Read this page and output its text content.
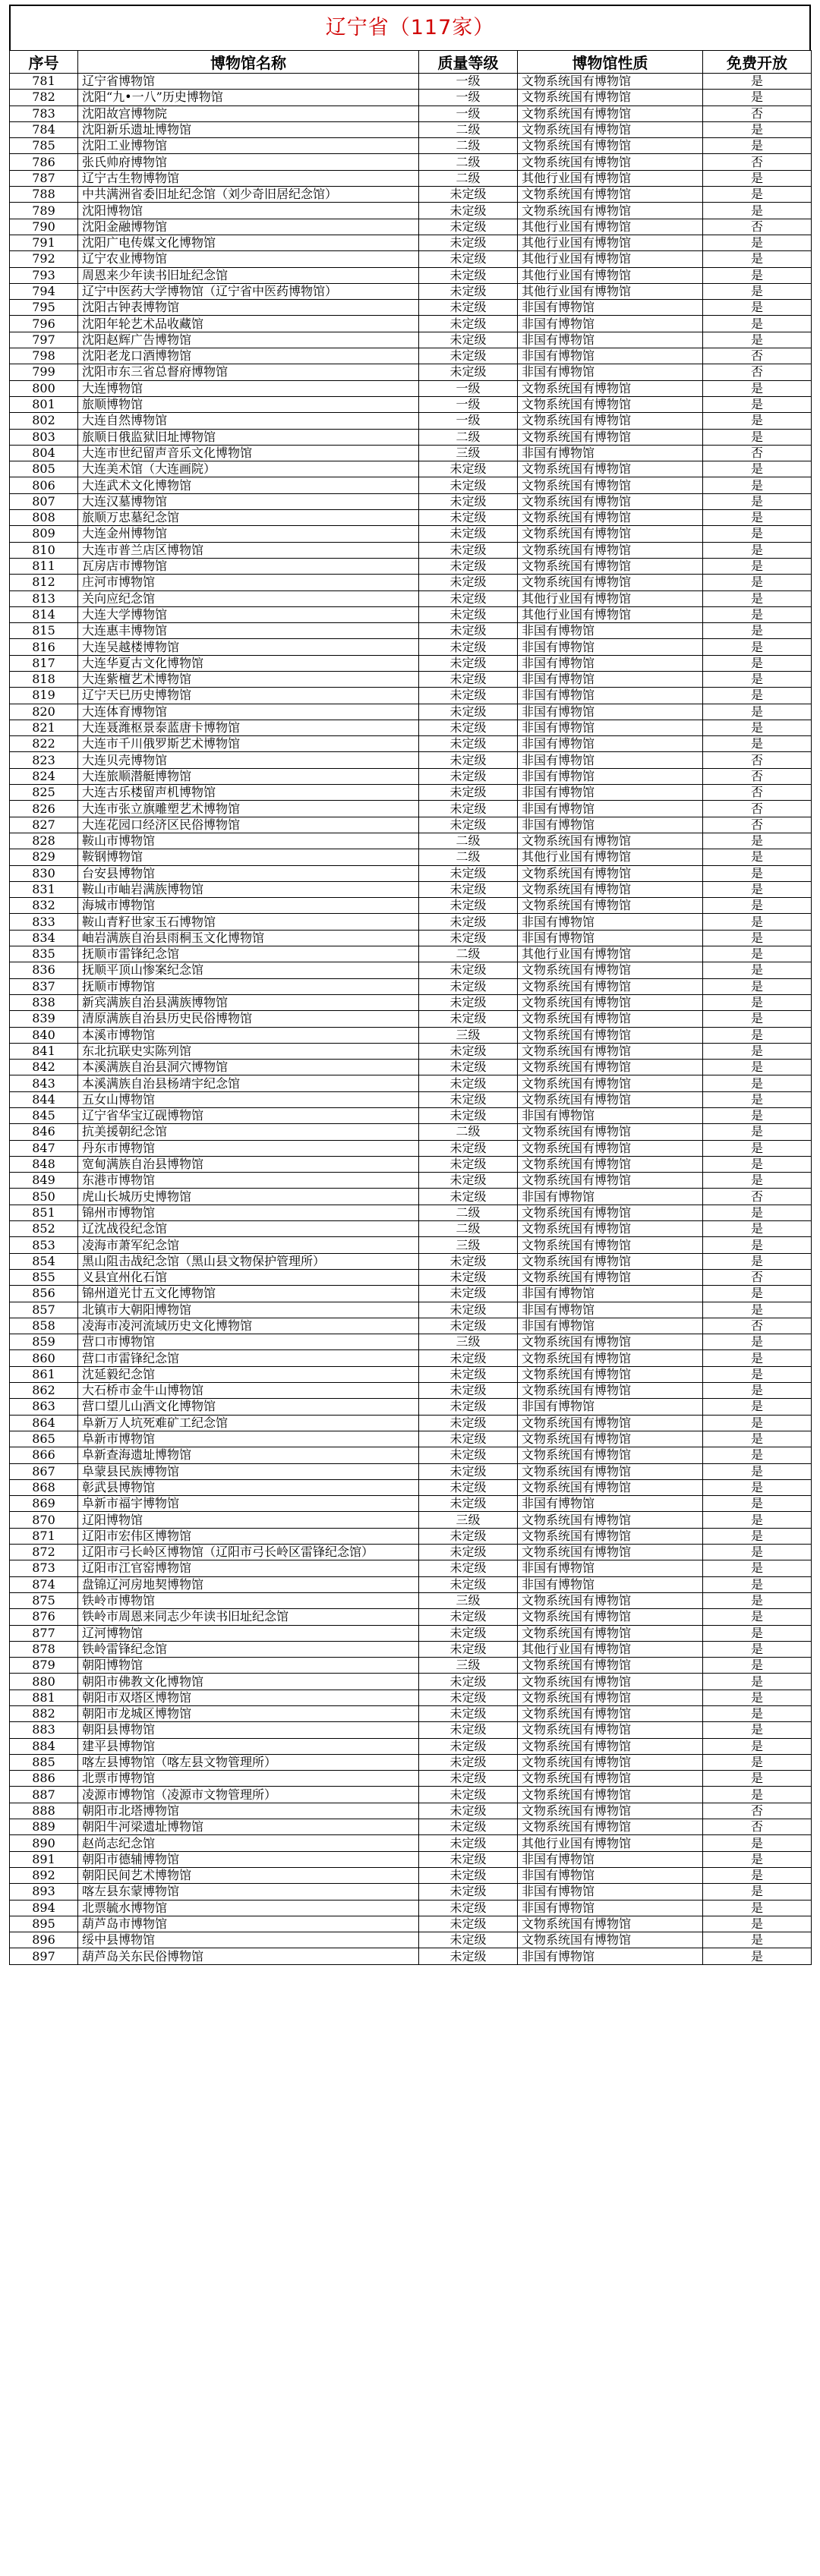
辽宁省（117家）
序号	博物馆名称	质量等级	博物馆性质	免费开放
781	辽宁省博物馆	一级	文物系统国有博物馆	是
782	沈阳“九•一八”历史博物馆	一级	文物系统国有博物馆	是
783	沈阳故宫博物院	一级	文物系统国有博物馆	否
784	沈阳新乐遗址博物馆	二级	文物系统国有博物馆	是
785	沈阳工业博物馆	二级	文物系统国有博物馆	是
786	张氏帅府博物馆	二级	文物系统国有博物馆	否
787	辽宁古生物博物馆	二级	其他行业国有博物馆	是
788	中共满洲省委旧址纪念馆（刘少奇旧居纪念馆）	未定级	文物系统国有博物馆	是
789	沈阳博物馆	未定级	文物系统国有博物馆	是
790	沈阳金融博物馆	未定级	其他行业国有博物馆	否
791	沈阳广电传媒文化博物馆	未定级	其他行业国有博物馆	是
792	辽宁农业博物馆	未定级	其他行业国有博物馆	是
793	周恩来少年读书旧址纪念馆	未定级	其他行业国有博物馆	是
794	辽宁中医药大学博物馆（辽宁省中医药博物馆）	未定级	其他行业国有博物馆	是
795	沈阳古钟表博物馆	未定级	非国有博物馆	是
796	沈阳年轮艺术品收藏馆	未定级	非国有博物馆	是
797	沈阳赵辉广告博物馆	未定级	非国有博物馆	是
798	沈阳老龙口酒博物馆	未定级	非国有博物馆	否
799	沈阳市东三省总督府博物馆	未定级	非国有博物馆	否
800	大连博物馆	一级	文物系统国有博物馆	是
801	旅顺博物馆	一级	文物系统国有博物馆	是
802	大连自然博物馆	一级	文物系统国有博物馆	是
803	旅顺日俄监狱旧址博物馆	二级	文物系统国有博物馆	是
804	大连市世纪留声音乐文化博物馆	三级	非国有博物馆	否
805	大连美术馆（大连画院）	未定级	文物系统国有博物馆	是
806	大连武术文化博物馆	未定级	文物系统国有博物馆	是
807	大连汉墓博物馆	未定级	文物系统国有博物馆	是
808	旅顺万忠墓纪念馆	未定级	文物系统国有博物馆	是
809	大连金州博物馆	未定级	文物系统国有博物馆	是
810	大连市普兰店区博物馆	未定级	文物系统国有博物馆	是
811	瓦房店市博物馆	未定级	文物系统国有博物馆	是
812	庄河市博物馆	未定级	文物系统国有博物馆	是
813	关向应纪念馆	未定级	其他行业国有博物馆	是
814	大连大学博物馆	未定级	其他行业国有博物馆	是
815	大连惠丰博物馆	未定级	非国有博物馆	是
816	大连吴越楼博物馆	未定级	非国有博物馆	是
817	大连华夏古文化博物馆	未定级	非国有博物馆	是
818	大连紫檀艺术博物馆	未定级	非国有博物馆	是
819	辽宁天巳历史博物馆	未定级	非国有博物馆	是
820	大连体育博物馆	未定级	非国有博物馆	是
821	大连聂潍枢景泰蓝唐卡博物馆	未定级	非国有博物馆	是
822	大连市千川俄罗斯艺术博物馆	未定级	非国有博物馆	是
823	大连贝壳博物馆	未定级	非国有博物馆	否
824	大连旅顺潜艇博物馆	未定级	非国有博物馆	否
825	大连古乐楼留声机博物馆	未定级	非国有博物馆	否
826	大连市张立旗雕塑艺术博物馆	未定级	非国有博物馆	否
827	大连花园口经济区民俗博物馆	未定级	非国有博物馆	否
828	鞍山市博物馆	二级	文物系统国有博物馆	是
829	鞍钢博物馆	二级	其他行业国有博物馆	是
830	台安县博物馆	未定级	文物系统国有博物馆	是
831	鞍山市岫岩满族博物馆	未定级	文物系统国有博物馆	是
832	海城市博物馆	未定级	文物系统国有博物馆	是
833	鞍山青籽世家玉石博物馆	未定级	非国有博物馆	是
834	岫岩满族自治县雨桐玉文化博物馆	未定级	非国有博物馆	是
835	抚顺市雷锋纪念馆	二级	其他行业国有博物馆	是
836	抚顺平顶山惨案纪念馆	未定级	文物系统国有博物馆	是
837	抚顺市博物馆	未定级	文物系统国有博物馆	是
838	新宾满族自治县满族博物馆	未定级	文物系统国有博物馆	是
839	清原满族自治县历史民俗博物馆	未定级	文物系统国有博物馆	是
840	本溪市博物馆	三级	文物系统国有博物馆	是
841	东北抗联史实陈列馆	未定级	文物系统国有博物馆	是
842	本溪满族自治县洞穴博物馆	未定级	文物系统国有博物馆	是
843	本溪满族自治县杨靖宇纪念馆	未定级	文物系统国有博物馆	是
844	五女山博物馆	未定级	文物系统国有博物馆	是
845	辽宁省华宝辽砚博物馆	未定级	非国有博物馆	是
846	抗美援朝纪念馆	二级	文物系统国有博物馆	是
847	丹东市博物馆	未定级	文物系统国有博物馆	是
848	宽甸满族自治县博物馆	未定级	文物系统国有博物馆	是
849	东港市博物馆	未定级	文物系统国有博物馆	是
850	虎山长城历史博物馆	未定级	非国有博物馆	否
851	锦州市博物馆	二级	文物系统国有博物馆	是
852	辽沈战役纪念馆	二级	文物系统国有博物馆	是
853	凌海市萧军纪念馆	三级	文物系统国有博物馆	是
854	黑山阻击战纪念馆（黑山县文物保护管理所）	未定级	文物系统国有博物馆	是
855	义县宜州化石馆	未定级	文物系统国有博物馆	否
856	锦州道光廿五文化博物馆	未定级	非国有博物馆	是
857	北镇市大朝阳博物馆	未定级	非国有博物馆	是
858	凌海市凌河流域历史文化博物馆	未定级	非国有博物馆	否
859	营口市博物馆	三级	文物系统国有博物馆	是
860	营口市雷锋纪念馆	未定级	文物系统国有博物馆	是
861	沈延毅纪念馆	未定级	文物系统国有博物馆	是
862	大石桥市金牛山博物馆	未定级	文物系统国有博物馆	是
863	营口望儿山酒文化博物馆	未定级	非国有博物馆	是
864	阜新万人坑死难矿工纪念馆	未定级	文物系统国有博物馆	是
865	阜新市博物馆	未定级	文物系统国有博物馆	是
866	阜新查海遗址博物馆	未定级	文物系统国有博物馆	是
867	阜蒙县民族博物馆	未定级	文物系统国有博物馆	是
868	彰武县博物馆	未定级	文物系统国有博物馆	是
869	阜新市福宇博物馆	未定级	非国有博物馆	是
870	辽阳博物馆	三级	文物系统国有博物馆	是
871	辽阳市宏伟区博物馆	未定级	文物系统国有博物馆	是
872	辽阳市弓长岭区博物馆（辽阳市弓长岭区雷锋纪念馆）	未定级	文物系统国有博物馆	是
873	辽阳市江官窑博物馆	未定级	非国有博物馆	是
874	盘锦辽河房地契博物馆	未定级	非国有博物馆	是
875	铁岭市博物馆	三级	文物系统国有博物馆	是
876	铁岭市周恩来同志少年读书旧址纪念馆	未定级	文物系统国有博物馆	是
877	辽河博物馆	未定级	文物系统国有博物馆	是
878	铁岭雷锋纪念馆	未定级	其他行业国有博物馆	是
879	朝阳博物馆	三级	文物系统国有博物馆	是
880	朝阳市佛教文化博物馆	未定级	文物系统国有博物馆	是
881	朝阳市双塔区博物馆	未定级	文物系统国有博物馆	是
882	朝阳市龙城区博物馆	未定级	文物系统国有博物馆	是
883	朝阳县博物馆	未定级	文物系统国有博物馆	是
884	建平县博物馆	未定级	文物系统国有博物馆	是
885	喀左县博物馆（喀左县文物管理所）	未定级	文物系统国有博物馆	是
886	北票市博物馆	未定级	文物系统国有博物馆	是
887	凌源市博物馆（凌源市文物管理所）	未定级	文物系统国有博物馆	是
888	朝阳市北塔博物馆	未定级	文物系统国有博物馆	否
889	朝阳牛河梁遗址博物馆	未定级	文物系统国有博物馆	否
890	赵尚志纪念馆	未定级	其他行业国有博物馆	是
891	朝阳市德辅博物馆	未定级	非国有博物馆	是
892	朝阳民间艺术博物馆	未定级	非国有博物馆	是
893	喀左县东蒙博物馆	未定级	非国有博物馆	是
894	北票毓水博物馆	未定级	非国有博物馆	是
895	葫芦岛市博物馆	未定级	文物系统国有博物馆	是
896	绥中县博物馆	未定级	文物系统国有博物馆	是
897	葫芦岛关东民俗博物馆	未定级	非国有博物馆	是
